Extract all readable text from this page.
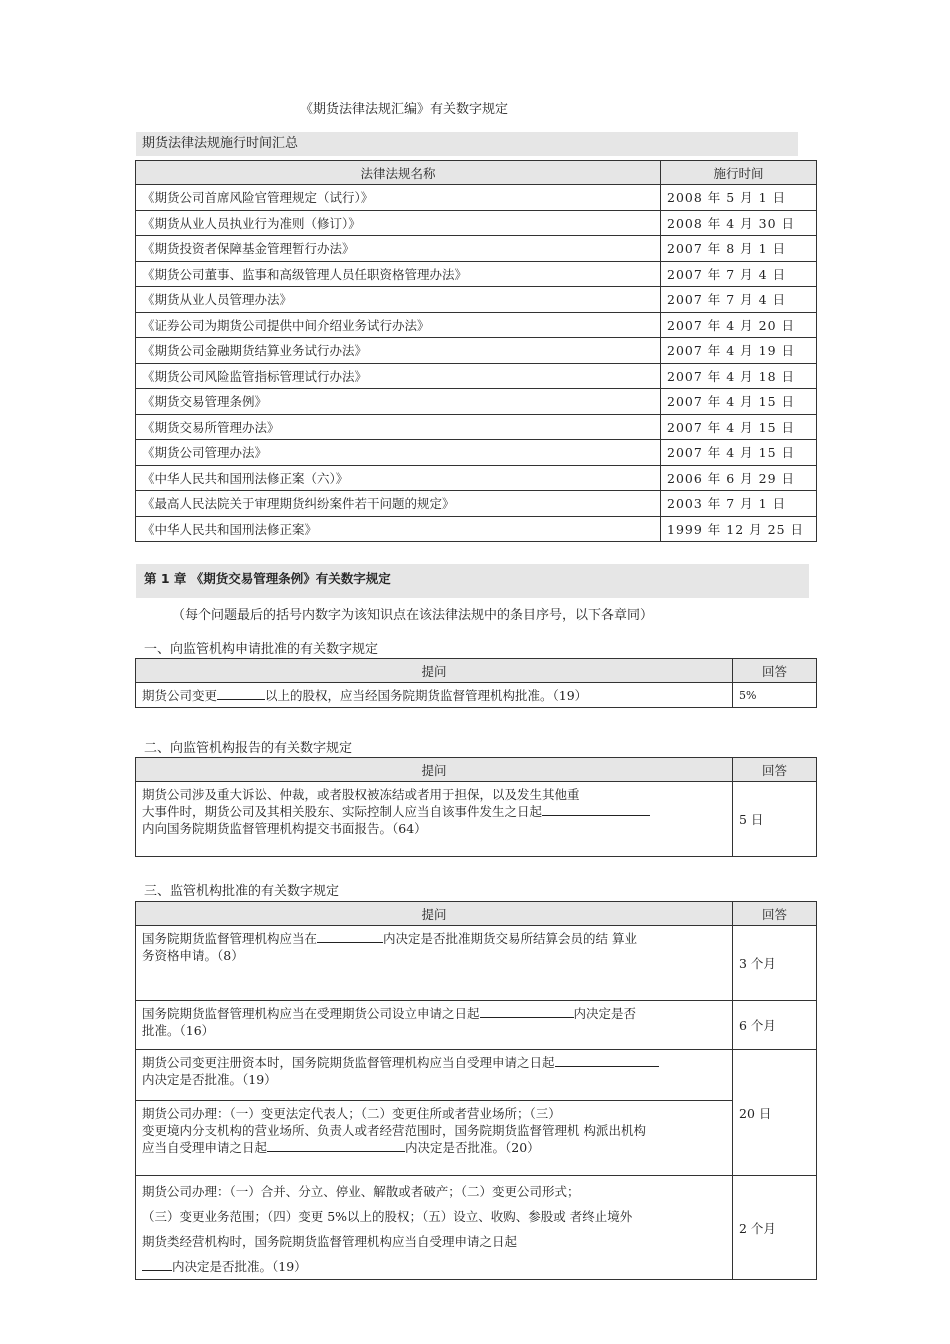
《期货法律法规汇编》有关数字规定
期货法律法规施行时间汇总
法律法规名称	施行时间
《期货公司首席风险官管理规定（试行）》	2008 年 5 月 1 日
《期货从业人员执业行为准则（修订）》	2008 年 4 月 30 日
《期货投资者保障基金管理暂行办法》	2007 年 8 月 1 日
《期货公司董事、监事和高级管理人员任职资格管理办法》	2007 年 7 月 4 日
《期货从业人员管理办法》	2007 年 7 月 4 日
《证券公司为期货公司提供中间介绍业务试行办法》	2007 年 4 月 20 日
《期货公司金融期货结算业务试行办法》	2007 年 4 月 19 日
《期货公司风险监管指标管理试行办法》	2007 年 4 月 18 日
《期货交易管理条例》	2007 年 4 月 15 日
《期货交易所管理办法》	2007 年 4 月 15 日
《期货公司管理办法》	2007 年 4 月 15 日
《中华人民共和国刑法修正案（六）》	2006 年 6 月 29 日
《最高人民法院关于审理期货纠纷案件若干问题的规定》	2003 年 7 月 1 日
《中华人民共和国刑法修正案》	1999 年 12 月 25 日
第 1 章 《期货交易管理条例》有关数字规定
（每个问题最后的括号内数字为该知识点在该法律法规中的条目序号，以下各章同）
一、向监管机构申请批准的有关数字规定
提问	回答
期货公司变更 以上的股权，应当经国务院期货监督管理机构批准。（19）	5%
二、向监管机构报告的有关数字规定
提问	回答

期货公司涉及重大诉讼、仲裁，或者股权被冻结或者用于担保，以及发生其他重
大事件时，期货公司及其相关股东、实际控制人应当自该事件发生之日起
内向国务院期货监督管理机构提交书面报告。（64）	5 日
三、监管机构批准的有关数字规定
提问	回答

国务院期货监督管理机构应当在 内决定是否批准期货交易所结算会员的结 算业
务资格申请。（8）	3 个月

国务院期货监督管理机构应当在受理期货公司设立申请之日起 内决定是否
批准。（16）	6 个月

期货公司变更注册资本时，国务院期货监督管理机构应当自受理申请之日起
内决定是否批准。（19）
期货公司办理：（一）变更法定代表人；（二）变更住所或者营业场所；（三）
变更境内分支机构的营业场所、负责人或者经营范围时，国务院期货监督管理机 构派出机构
应当自受理申请之日起 内决定是否批准。（20）	20 日

期货公司办理：（一）合并、分立、停业、解散或者破产；（二）变更公司形式；
（三）变更业务范围；（四）变更 5%以上的股权；（五）设立、收购、参股或 者终止境外
期货类经营机构时，国务院期货监督管理机构应当自受理申请之日起
内决定是否批准。（19）	2 个月
